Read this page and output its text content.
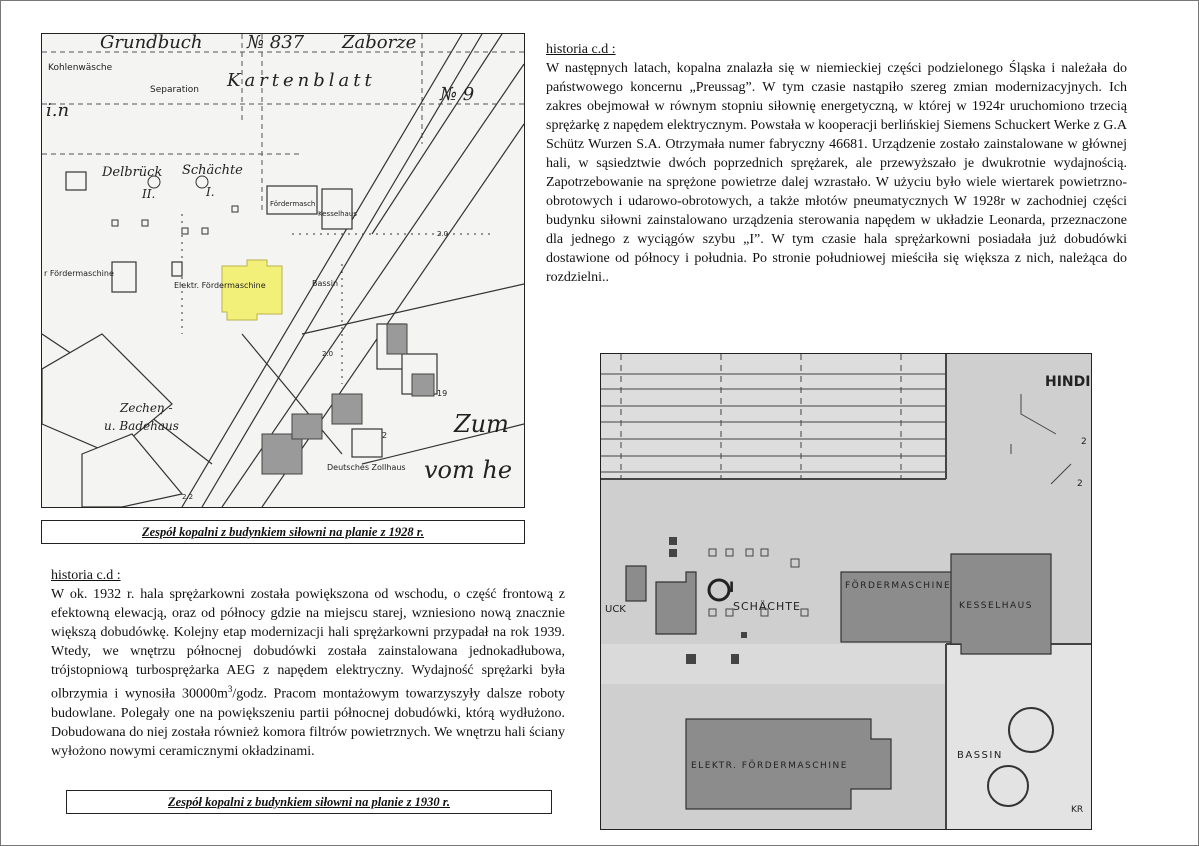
Grundbuch № 837 Zaborze
Kohlenwäsche
Separation Kartenblatt
№ 9
i.n
Delbrück Schächte
II.	I.
Fördermasch
Kesselhaus
r Fördermaschine
Elektr. Fördermaschine	Bassin
2.0
2.0
19
2
Zechen -
u. Badehaus	Zum
vom he
Deutsches Zollhaus
2.2
Zespół kopalni z budynkiem siłowni na planie z 1928 r.
historia c.d :
W następnych latach, kopalna znalazła się w niemieckiej części podzielonego Śląska i należała do państwowego koncernu „Preussag”. W tym czasie nastąpiło szereg zmian modernizacyjnych. Ich zakres obejmował w równym stopniu siłownię energetyczną, w której w 1924r uruchomiono trzecią sprężarkę z napędem elektrycznym. Powstała w kooperacji berlińskiej Siemens Schuckert Werke z G.A Schütz Wurzen S.A. Otrzymała numer fabryczny 46681. Urządzenie zostało zainstalowane w głównej hali, w sąsiedztwie dwóch poprzednich sprężarek, ale przewyższało je dwukrotnie wydajnością. Zapotrzebowanie na sprężone powietrze dalej wzrastało. W użyciu było wiele wiertarek powietrzno-obrotowych i udarowo-obrotowych, a także młotów pneumatycznych W 1928r w zachodniej części budynku siłowni zainstalowano urządzenia sterowania napędem w układzie Leonarda, przeznaczone dla jednego z wyciągów szybu „I”. W tym czasie hala sprężarkowni posiadała już dobudówki dostawione od północy i południa. Po stronie południowej mieściła się większa z nich, należąca do rozdzielni..
historia c.d :
W ok. 1932 r. hala sprężarkowni została powiększona od wschodu, o część frontową z efektowną elewacją, oraz od północy gdzie na miejscu starej, wzniesiono nową znacznie większą dobudówkę. Kolejny etap modernizacji hali sprężarkowni przypadał na rok 1939. Wtedy, we wnętrzu północnej dobudówki została zainstalowana jednokadłubowa, trójstopniową turbosprężarka AEG z napędem elektryczny. Wydajność sprężarki była olbrzymia i wynosiła $30000m^3$/godz. Pracom montażowym towarzyszyły dalsze roboty budowlane. Polegały one na powiększeniu partii północnej dobudówki, którą wydłużono. Dobudowana do niej została również komora filtrów powietrznych. We wnętrzu hali ściany wyłożono nowymi ceramicznymi okładzinami.
Zespół kopalni z budynkiem siłowni na planie z 1930 r.
HINDI
2
2
I
SCHÄCHTE
UCK
FÖRDERMASCHINE
KESSELHAUS
ELEKTR. FÖRDERMASCHINE
BASSIN
KR
